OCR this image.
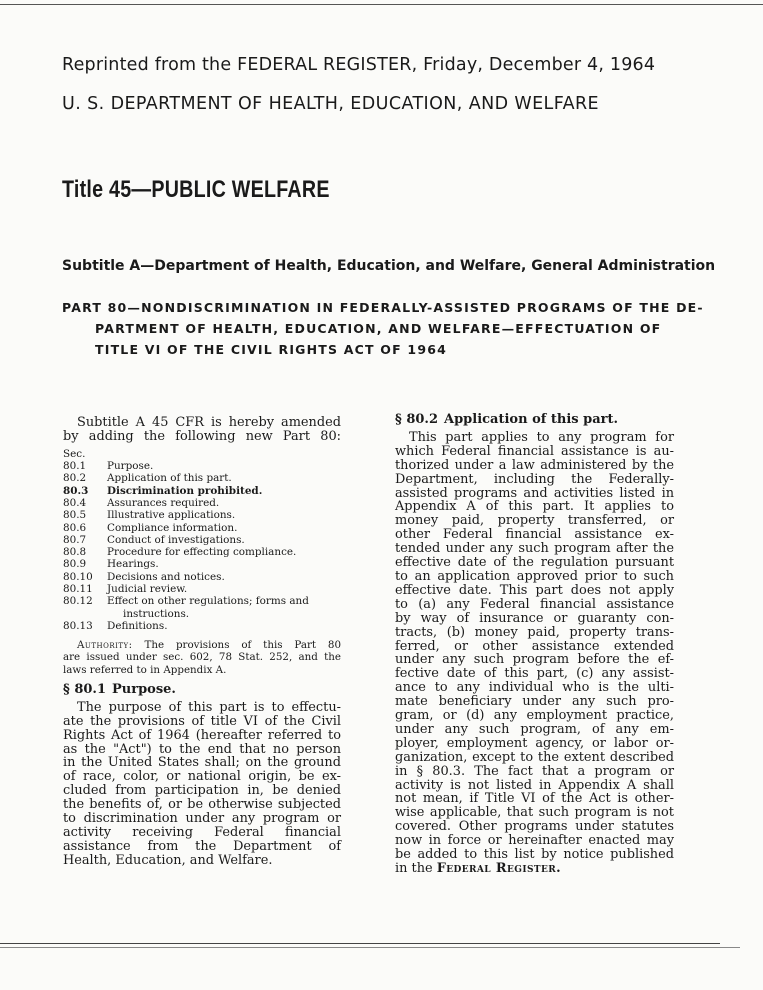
Reprinted from the FEDERAL REGISTER, Friday, December 4, 1964
U. S. DEPARTMENT OF HEALTH, EDUCATION, AND WELFARE
Title 45—PUBLIC WELFARE
Subtitle A—Department of Health, Education, and Welfare, General Administration
PART 80—NONDISCRIMINATION IN FEDERALLY-ASSISTED PROGRAMS OF THE DE-
PARTMENT OF HEALTH, EDUCATION, AND WELFARE—EFFECTUATION OF
TITLE VI OF THE CIVIL RIGHTS ACT OF 1964
Subtitle A 45 CFR is hereby amended
by adding the following new Part 80:
Sec.
80.1	Purpose.
80.2	Application of this part.
80.3	Discrimination prohibited.
80.4	Assurances required.
80.5	Illustrative applications.
80.6	Compliance information.
80.7	Conduct of investigations.
80.8	Procedure for effecting compliance.
80.9	Hearings.
80.10	Decisions and notices.
80.11	Judicial review.
80.12	Effect on other regulations; forms and
instructions.
80.13	Definitions.
Authority: The provisions of this Part 80
are issued under sec. 602, 78 Stat. 252, and the
laws referred to in Appendix A.
§ 80.1 Purpose.
The purpose of this part is to effectu-
ate the provisions of title VI of the Civil
Rights Act of 1964 (hereafter referred to
as the "Act") to the end that no person
in the United States shall; on the ground
of race, color, or national origin, be ex-
cluded from participation in, be denied
the benefits of, or be otherwise subjected
to discrimination under any program or
activity receiving Federal financial
assistance from the Department of
Health, Education, and Welfare.
§ 80.2 Application of this part.
This part applies to any program for
which Federal financial assistance is au-
thorized under a law administered by the
Department, including the Federally-
assisted programs and activities listed in
Appendix A of this part. It applies to
money paid, property transferred, or
other Federal financial assistance ex-
tended under any such program after the
effective date of the regulation pursuant
to an application approved prior to such
effective date. This part does not apply
to (a) any Federal financial assistance
by way of insurance or guaranty con-
tracts, (b) money paid, property trans-
ferred, or other assistance extended
under any such program before the ef-
fective date of this part, (c) any assist-
ance to any individual who is the ulti-
mate beneficiary under any such pro-
gram, or (d) any employment practice,
under any such program, of any em-
ployer, employment agency, or labor or-
ganization, except to the extent described
in § 80.3. The fact that a program or
activity is not listed in Appendix A shall
not mean, if Title VI of the Act is other-
wise applicable, that such program is not
covered. Other programs under statutes
now in force or hereinafter enacted may
be added to this list by notice published
in the Federal Register.
